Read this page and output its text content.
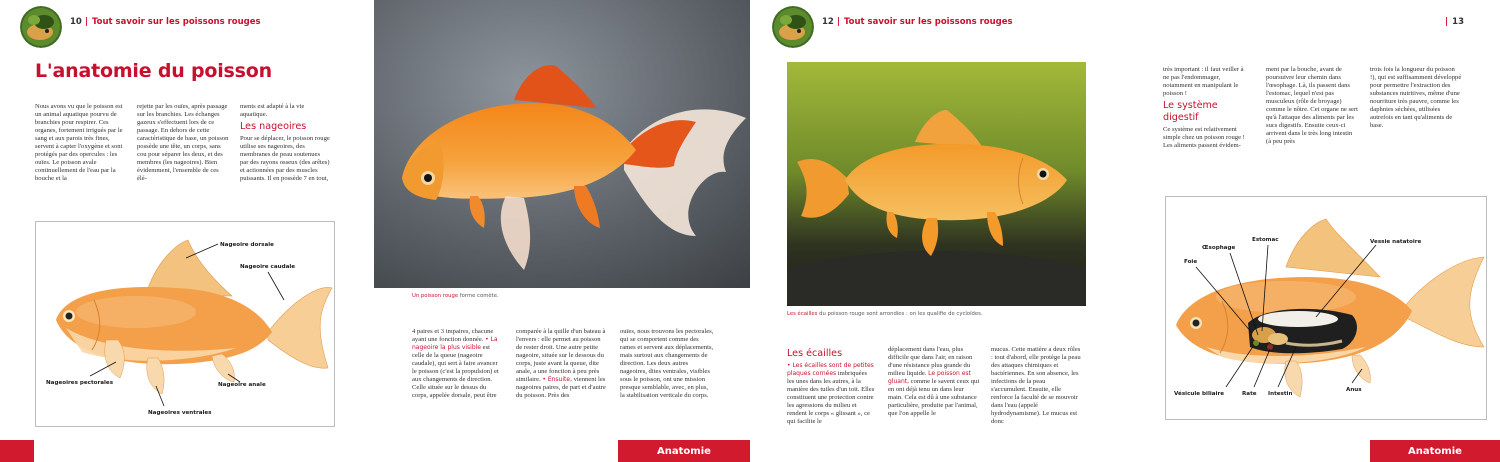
10 | Tout savoir sur les poissons rouges
L'anatomie du poisson
Nous avons vu que le poisson est un animal aquatique pourvu de branchies pour respirer. Ces organes, fortement irrigués par le sang et aux parois très fines, servent à capter l'oxygène et sont protégés par des opercules : les ouïes. Le poisson avale continuellement de l'eau par la bouche et la
rejette par les ouïes, après passage sur les branchies. Les échanges gazeux s'effectuent lors de ce passage. En dehors de cette caractéristique de base, un poisson possède une tête, un corps, sans cou pour séparer les deux, et des membres (les nageoires). Bien évidemment, l'ensemble de ces élé-
ments est adapté à la vie aquatique.
Les nageoires
Pour se déplacer, le poisson rouge utilise ses nageoires, des membranes de peau soutenues par des rayons osseux (des arêtes) et actionnées par des muscles puissants. Il en possède 7 en tout,
Nageoire dorsale
Nageoire caudale
Nageoires pectorales	Nageoire anale
Nageoires ventrales
Un poisson rouge forme comète.
4 paires et 3 impaires, chacune ayant une fonction donnée. • La nageoire la plus visible est celle de la queue (nageoire caudale), qui sert à faire avancer le poisson (c'est la propulsion) et aux changements de direction. Celle située sur le dessus du corps, appelée dorsale, peut être
comparée à la quille d'un bateau à l'envers : elle permet au poisson de rester droit. Une autre petite nageoire, située sur le dessous du corps, juste avant la queue, dite anale, a une fonction à peu près similaire. • Ensuite, viennent les nageoires paires, de part et d'autre du poisson. Près des
ouïes, nous trouvons les pectorales, qui se comportent comme des rames et servent aux déplacements, mais surtout aux changements de direction. Les deux autres nageoires, dites ventrales, visibles sous le poisson, ont une mission presque semblable, avec, en plus, la stabilisation verticale du corps.
Anatomie
12 | Tout savoir sur les poissons rouges	| 13
Les écailles du poisson rouge sont arrondies : on les qualifie de cycloïdes.
Les écailles
• Les écailles sont de petites plaques cornées imbriquées les unes dans les autres, à la manière des tuiles d'un toit. Elles constituent une protection contre les agressions du milieu et rendent le corps « glissant », ce qui facilite le
déplacement dans l'eau, plus difficile que dans l'air, en raison d'une résistance plus grande du milieu liquide. Le poisson est gluant, comme le savent ceux qui en ont déjà tenu un dans leur main. Cela est dû à une substance particulière, produite par l'animal, que l'on appelle le
mucus. Cette matière a deux rôles : tout d'abord, elle protège la peau des attaques chimiques et bactériennes. En son absence, les infections de la peau s'accumulent. Ensuite, elle renforce la faculté de se mouvoir dans l'eau (appelé hydrodynamisme). Le mucus est donc
très important : il faut veiller à ne pas l'endommager, notamment en manipulant le poisson !
Le système digestif
Ce système est relativement simple chez un poisson rouge ! Les aliments passent évidem-
ment par la bouche, avant de poursuivre leur chemin dans l'œsophage. Là, ils passent dans l'estomac, lequel n'est pas musculeux (rôle de broyage) comme le nôtre. Cet organe ne sert qu'à l'attaque des aliments par les sucs digestifs. Ensuite ceux-ci arrivent dans le très long intestin (à peu près
trois fois la longueur du poisson !), qui est suffisamment développé pour permettre l'extraction des substances nutritives, même d'une nourriture très pauvre, comme les daphnies séchées, utilisées autrefois en tant qu'aliments de base.
Estomac
Œsophage
Foie
Vessie natatoire
Vésicule biliaire	Rate Intestin
Anus
Anatomie
